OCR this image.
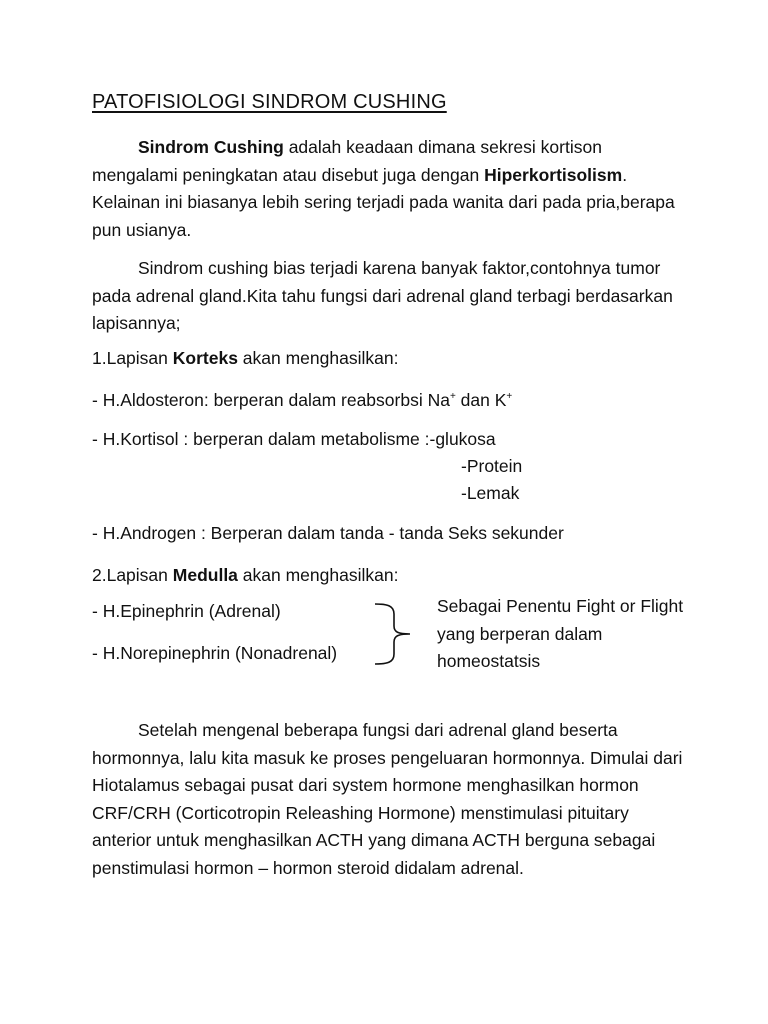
PATOFISIOLOGI SINDROM CUSHING

Sindrom Cushing adalah keadaan dimana sekresi kortison mengalami peningkatan atau disebut juga dengan Hiperkortisolism. Kelainan ini biasanya lebih sering terjadi pada wanita dari pada pria,berapa pun usianya.

Sindrom cushing bias terjadi karena banyak faktor,contohnya tumor pada adrenal gland.Kita tahu fungsi dari adrenal gland terbagi berdasarkan lapisannya;

1.Lapisan Korteks akan menghasilkan:
- H.Aldosteron: berperan dalam reabsorbsi Na+ dan K+
- H.Kortisol : berperan dalam metabolisme :-glukosa
-Protein
-Lemak
- H.Androgen : Berperan dalam tanda - tanda Seks sekunder
2.Lapisan Medulla akan menghasilkan:
- H.Epinephrin (Adrenal)
- H.Norepinephrin (Nonadrenal)
Sebagai Penentu Fight or Flight yang berperan dalam homeostatsis

Setelah mengenal beberapa fungsi dari adrenal gland beserta hormonnya, lalu kita masuk ke proses pengeluaran hormonnya. Dimulai dari Hiotalamus sebagai pusat dari system hormone menghasilkan hormon CRF/CRH (Corticotropin Releashing Hormone) menstimulasi pituitary anterior untuk menghasilkan ACTH yang dimana ACTH berguna sebagai penstimulasi hormon – hormon steroid didalam adrenal.
